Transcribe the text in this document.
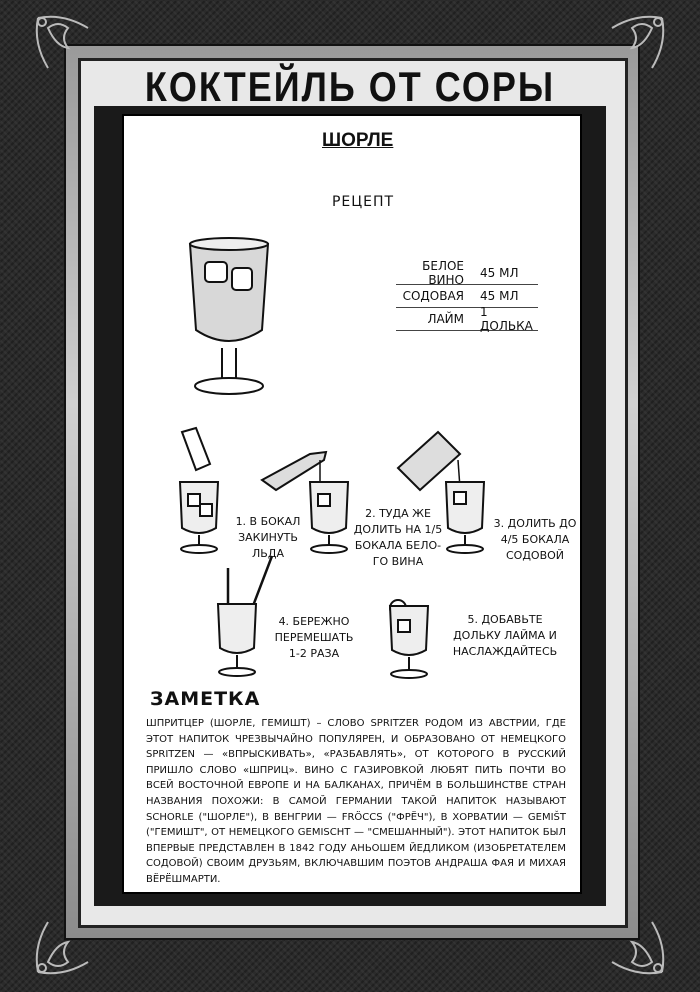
КОКТЕЙЛЬ ОТ СОРЫ
ШОРЛЕ
РЕЦЕПТ
БЕЛОЕ ВИНО	45 МЛ
СОДОВАЯ	45 МЛ
ЛАЙМ	1 ДОЛЬКА
1. В БОКАЛ
ЗАКИНУТЬ ЛЬДА
2. ТУДА ЖЕ
ДОЛИТЬ НА 1/5
БОКАЛА БЕЛО-
ГО ВИНА
3. ДОЛИТЬ ДО
4/5 БОКАЛА
СОДОВОЙ
4. БЕРЕЖНО
ПЕРЕМЕШАТЬ
1-2 РАЗА
5. ДОБАВЬТЕ
ДОЛЬКУ ЛАЙМА И
НАСЛАЖДАЙТЕСЬ
ЗАМЕТКА
ШПРИТЦЕР (ШОРЛЕ, ГЕМИШТ) – СЛОВО SPRITZER РОДОМ ИЗ АВСТРИИ, ГДЕ ЭТОТ НАПИТОК ЧРЕЗВЫЧАЙНО ПОПУЛЯРЕН, И ОБРАЗОВАНО ОТ НЕМЕЦКОГО SPRITZEN — «ВПРЫСКИВАТЬ», «РАЗБАВЛЯТЬ», ОТ КОТОРОГО В РУССКИЙ ПРИШЛО СЛОВО «ШПРИЦ». ВИНО С ГАЗИРОВКОЙ ЛЮБЯТ ПИТЬ ПОЧТИ ВО ВСЕЙ ВОСТОЧНОЙ ЕВРОПЕ И НА БАЛКАНАХ, ПРИЧЁМ В БОЛЬШИНСТВЕ СТРАН НАЗВАНИЯ ПОХОЖИ: В САМОЙ ГЕРМАНИИ ТАКОЙ НАПИТОК НАЗЫВАЮТ SCHORLE ("ШОРЛЕ"), В ВЕНГРИИ — FRÖCCS ("ФРЁЧ"), В ХОРВАТИИ — GEMIŠT ("ГЕМИШТ", ОТ НЕМЕЦКОГО GEMISCHT — "СМЕШАННЫЙ"). ЭТОТ НАПИТОК БЫЛ ВПЕРВЫЕ ПРЕДСТАВЛЕН В 1842 ГОДУ АНЬОШЕМ ЙЕДЛИКОМ (ИЗОБРЕТАТЕЛЕМ СОДОВОЙ) СВОИМ ДРУЗЬЯМ, ВКЛЮЧАВШИМ ПОЭТОВ АНДРАША ФАЯ И МИХАЯ ВЁРЁШМАРТИ.
